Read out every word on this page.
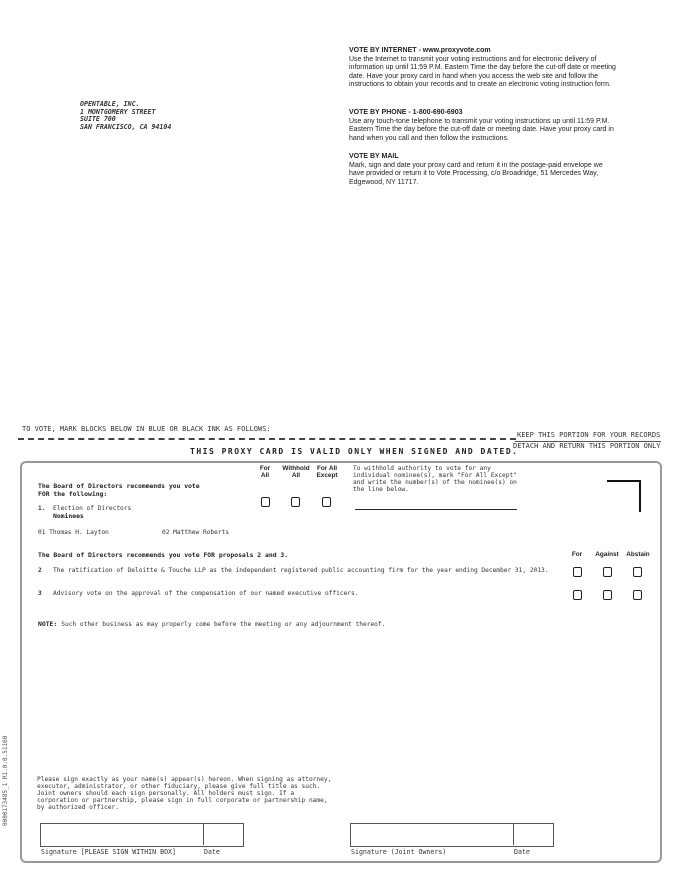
OPENTABLE, INC.
1 MONTGOMERY STREET
SUITE 700
SAN FRANCISCO, CA 94104
VOTE BY INTERNET - www.proxyvote.com
Use the Internet to transmit your voting instructions and for electronic delivery of information up until 11:59 P.M. Eastern Time the day before the cut-off date or meeting date. Have your proxy card in hand when you access the web site and follow the instructions to obtain your records and to create an electronic voting instruction form.
VOTE BY PHONE - 1-800-690-6903
Use any touch-tone telephone to transmit your voting instructions up until 11:59 P.M. Eastern Time the day before the cut-off date or meeting date. Have your proxy card in hand when you call and then follow the instructions.
VOTE BY MAIL
Mark, sign and date your proxy card and return it in the postage-paid envelope we have provided or return it to Vote Processing, c/o Broadridge, 51 Mercedes Way, Edgewood, NY 11717.
TO VOTE, MARK BLOCKS BELOW IN BLUE OR BLACK INK AS FOLLOWS:
KEEP THIS PORTION FOR YOUR RECORDS
DETACH AND RETURN THIS PORTION ONLY
THIS PROXY CARD IS VALID ONLY WHEN SIGNED AND DATED.
The Board of Directors recommends you vote
FOR the following:
For
All
Withhold
All
For All
Except
To withhold authority to vote for any individual nominee(s), mark "For All Except" and write the number(s) of the nominee(s) on the line below.
1. Election of Directors
Nominees
01 Thomas H. Layton	02 Matthew Roberts
The Board of Directors recommends you vote FOR proposals 2 and 3.	For	Against	Abstain
2 The ratification of Deloitte & Touche LLP as the independent registered public accounting firm for the year ending December 31, 2013.
3 Advisory vote on the approval of the compensation of our named executive officers.
NOTE: Such other business as may properly come before the meeting or any adjournment thereof.
Please sign exactly as your name(s) appear(s) hereon. When signing as attorney, executor, administrator, or other fiduciary, please give full title as such. Joint owners should each sign personally. All holders must sign. If a corporation or partnership, please sign in full corporate or partnership name, by authorized officer.
Signature [PLEASE SIGN WITHIN BOX]	Date	Signature (Joint Owners)	Date
0000173485_1 R1.0.0.51160
